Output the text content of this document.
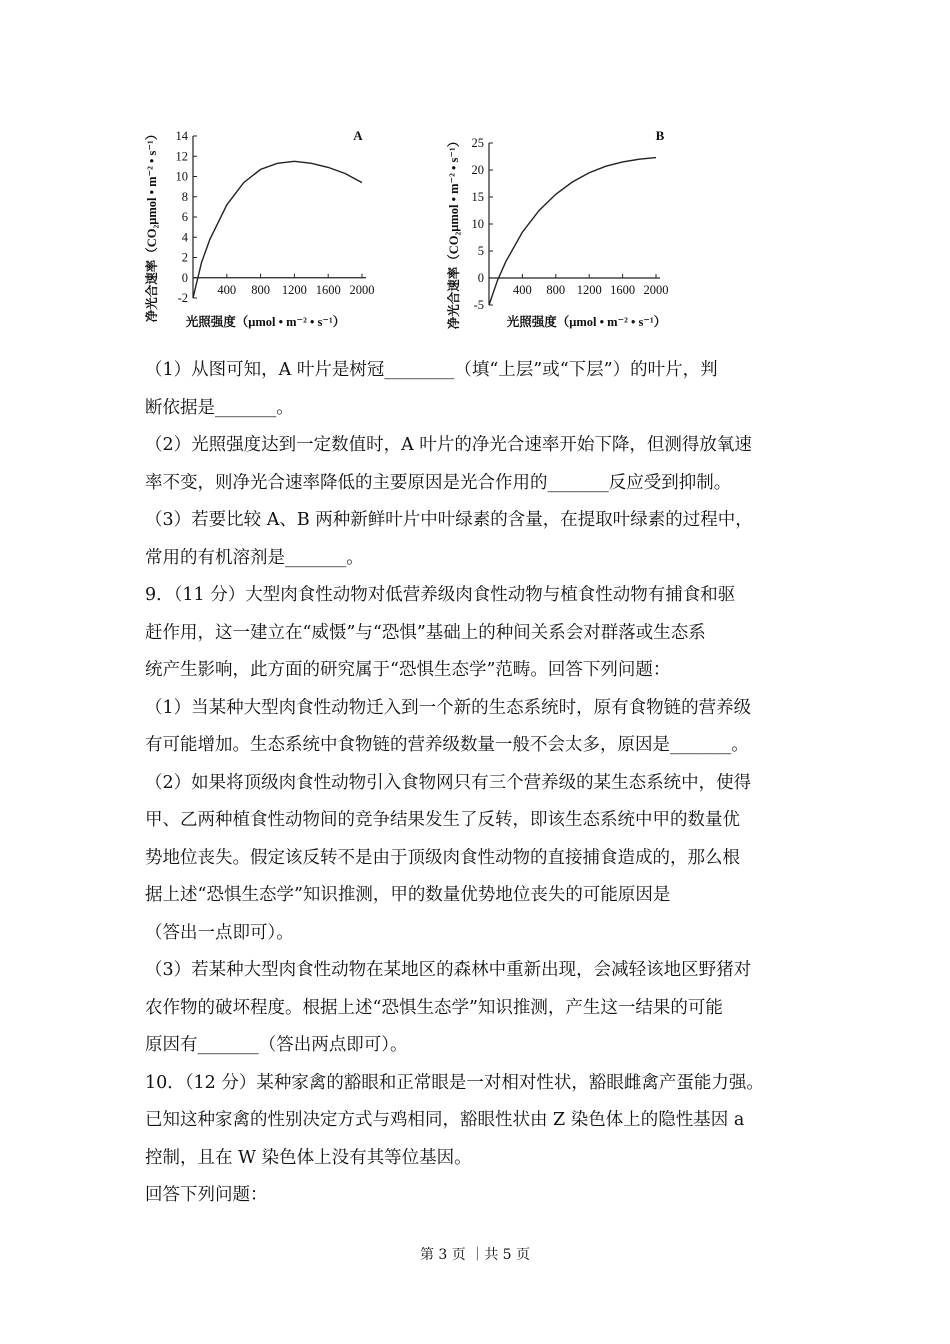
-2
0
2
4
6
8
10
12
14
400 800 1200 1600 2000
A
光照强度（μmol • m⁻² • s⁻¹）
净光合速率（CO₂μmol • m⁻² • s⁻¹）	-5
0
5
10
15
20
25
400 800 1200 1600 2000
B
光照强度（μmol • m⁻² • s⁻¹）
净光合速率（CO₂μmol • m⁻² • s⁻¹）

（1）从图可知，A 叶片是树冠________（填“上层”或“下层”）的叶片，判

断依据是_______。

（2）光照强度达到一定数值时，A 叶片的净光合速率开始下降，但测得放氧速

率不变，则净光合速率降低的主要原因是光合作用的_______反应受到抑制。

（3）若要比较 A、B 两种新鲜叶片中叶绿素的含量，在提取叶绿素的过程中，

常用的有机溶剂是_______。

9．（11 分）大型肉食性动物对低营养级肉食性动物与植食性动物有捕食和驱

赶作用，这一建立在“威慑”与“恐惧”基础上的种间关系会对群落或生态系

统产生影响，此方面的研究属于“恐惧生态学”范畴。回答下列问题：

（1）当某种大型肉食性动物迁入到一个新的生态系统时，原有食物链的营养级

有可能增加。生态系统中食物链的营养级数量一般不会太多，原因是_______。

（2）如果将顶级肉食性动物引入食物网只有三个营养级的某生态系统中，使得

甲、乙两种植食性动物间的竞争结果发生了反转，即该生态系统中甲的数量优

势地位丧失。假定该反转不是由于顶级肉食性动物的直接捕食造成的，那么根

据上述“恐惧生态学”知识推测，甲的数量优势地位丧失的可能原因是

（答出一点即可）。

（3）若某种大型肉食性动物在某地区的森林中重新出现，会减轻该地区野猪对

农作物的破坏程度。根据上述“恐惧生态学”知识推测，产生这一结果的可能

原因有_______（答出两点即可）。

10．（12 分）某种家禽的豁眼和正常眼是一对相对性状，豁眼雌禽产蛋能力强。

已知这种家禽的性别决定方式与鸡相同，豁眼性状由 Z 染色体上的隐性基因 a

控制，且在 W 染色体上没有其等位基因。

回答下列问题：

第 3 页 ｜共 5 页
